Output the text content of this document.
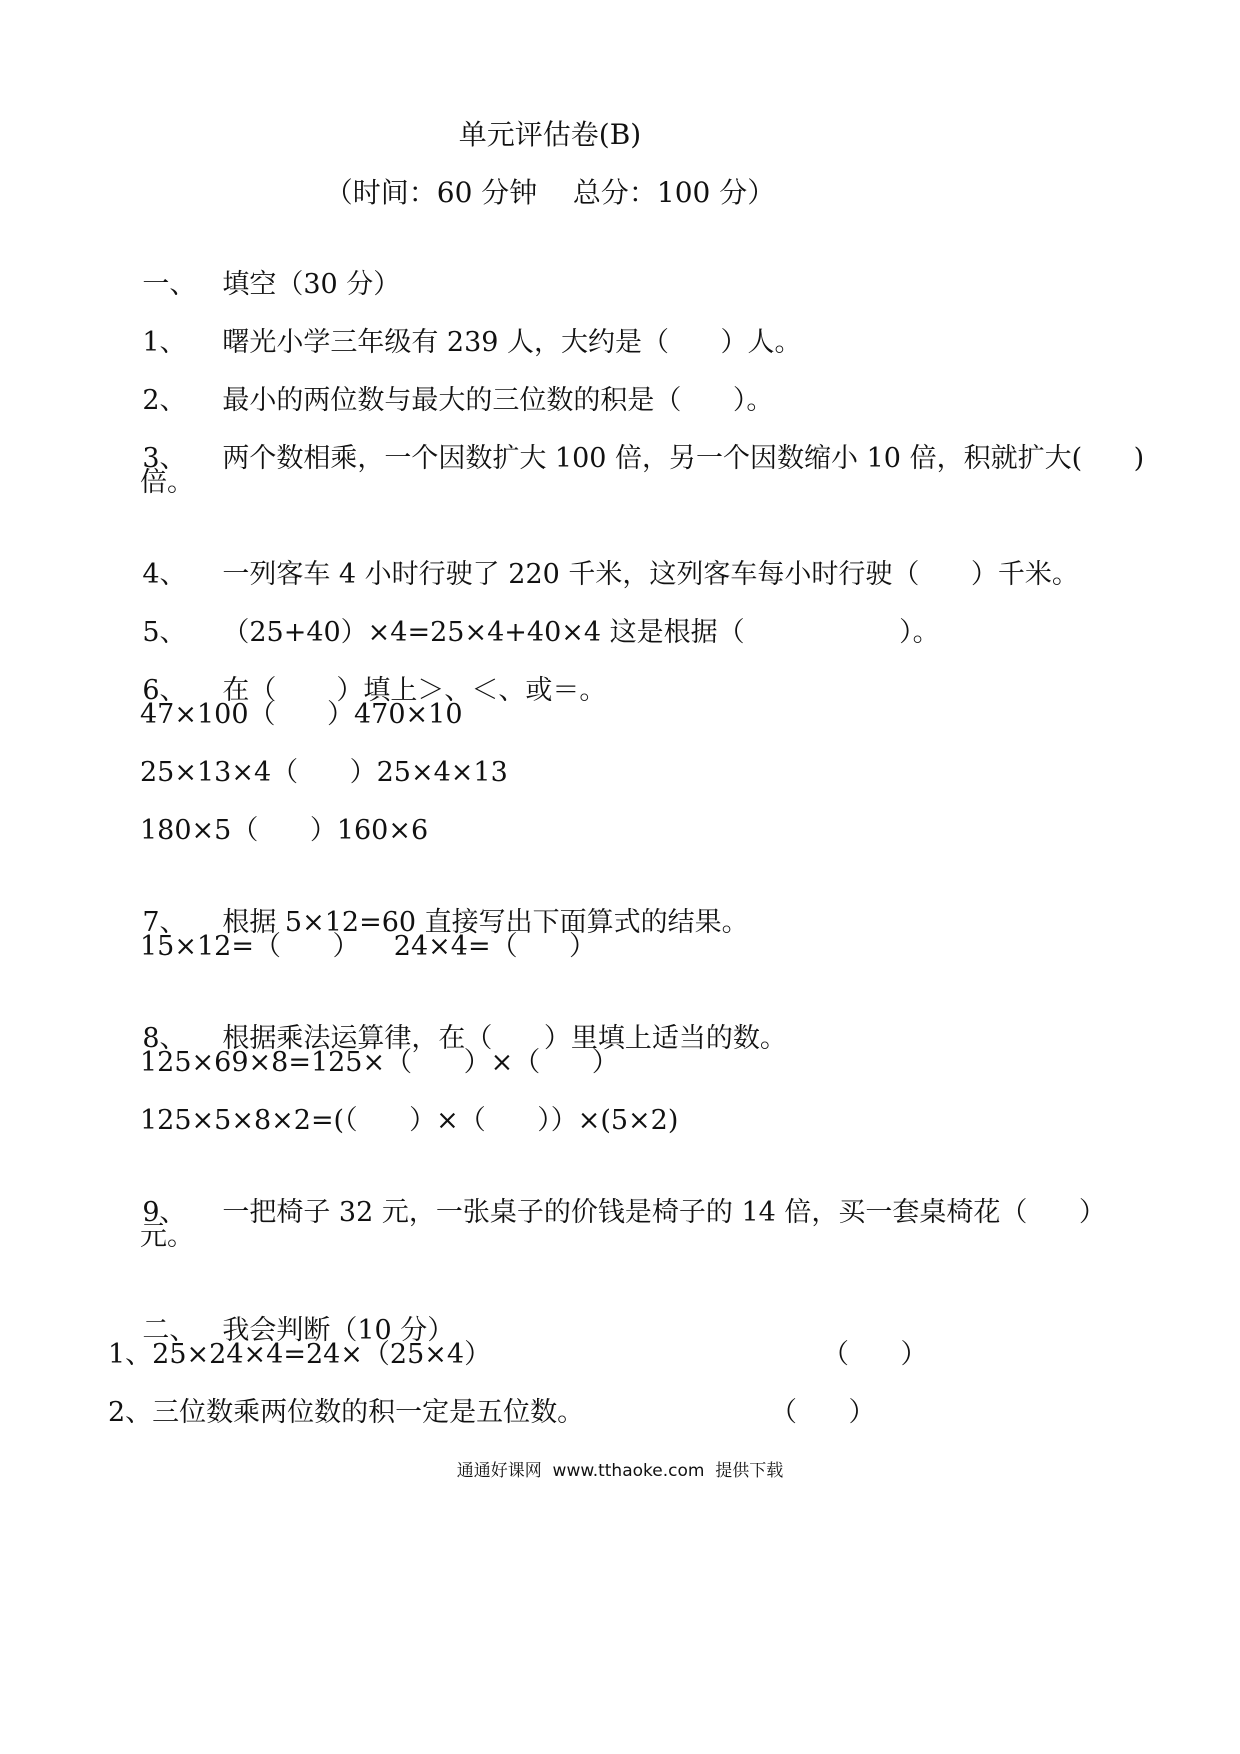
单元评估卷(B)
（时间：60 分钟    总分：100 分）

一、 填空（30 分）

1、 曙光小学三年级有 239 人，大约是（      ）人。

2、 最小的两位数与最大的三位数的积是（      ）。

3、 两个数相乘，一个因数扩大 100 倍，另一个因数缩小 10 倍，积就扩大(      )

倍。

4、 一列客车 4 小时行驶了 220 千米，这列客车每小时行驶（      ）千米。

5、 （25+40）×4=25×4+40×4 这是根据（                  ）。

6、 在（       ）填上＞、＜、或＝。

47×100（      ）470×10
25×13×4（      ）25×4×13
180×5（      ）160×6

7、 根据 5×12=60 直接写出下面算式的结果。

15×12=（      ）    24×4=（      ）

8、 根据乘法运算律，在（      ）里填上适当的数。

125×69×8=125×（      ）×（      ）
125×5×8×2=(（      ）×（      ））×(5×2)

9、 一把椅子 32 元，一张桌子的价钱是椅子的 14 倍，买一套桌椅花（      ）

元。

二、 我会判断（10 分）

1、25×24×4=24×（25×4）	（      ）
2、三位数乘两位数的积一定是五位数。	（      ）
通通好课网  www.tthaoke.com  提供下载
